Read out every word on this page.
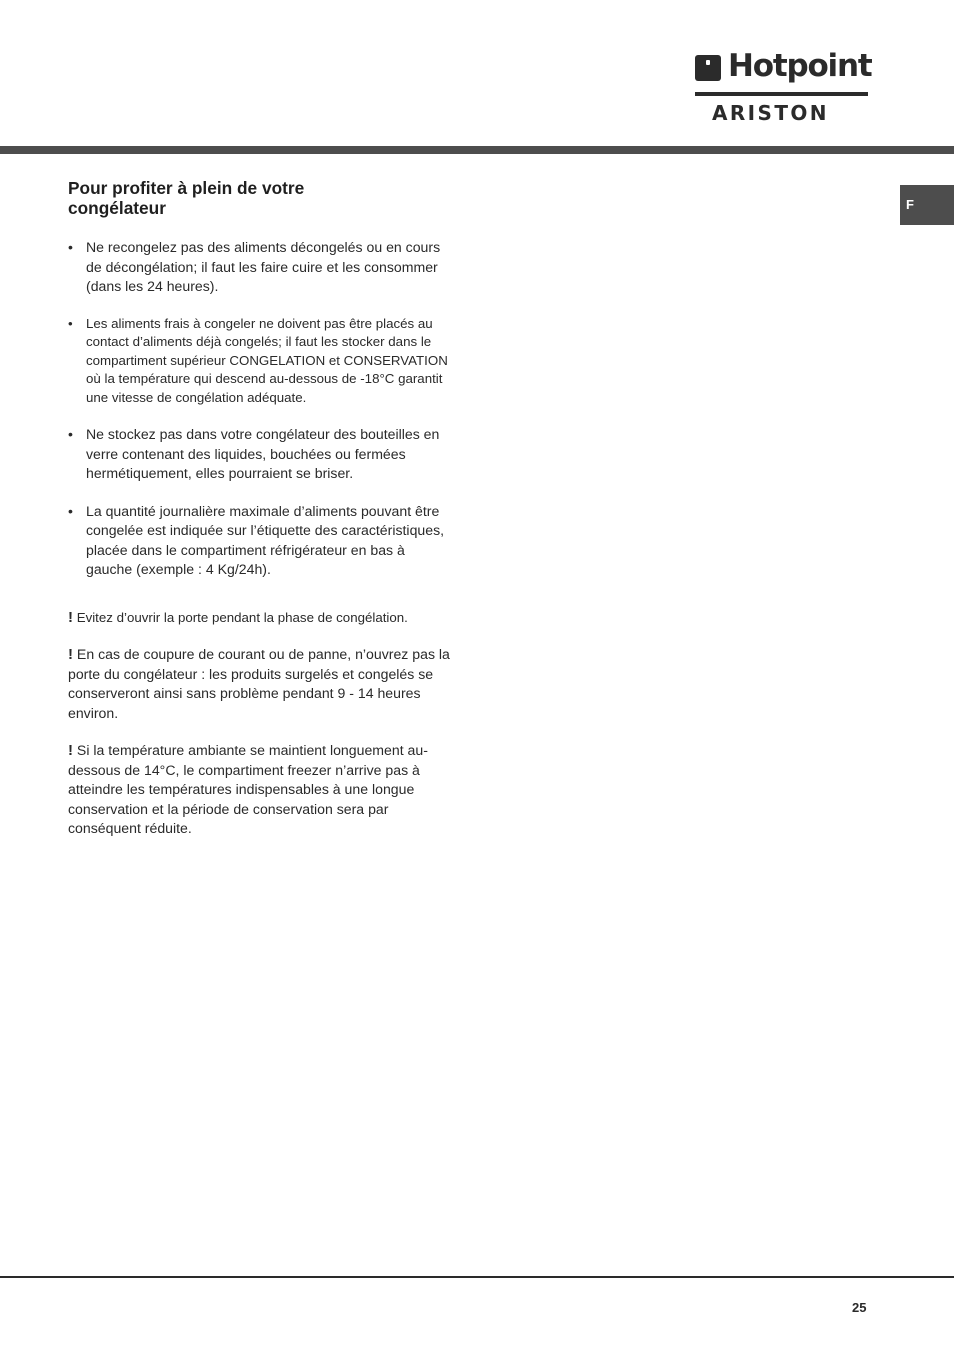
Hotpoint
ARISTON
F
Pour profiter à plein de votre
congélateur
• Ne recongelez pas des aliments décongelés ou en cours de décongélation; il faut les faire cuire et les consommer (dans les 24 heures).
• Les aliments frais à congeler ne doivent pas être placés au contact d’aliments déjà congelés; il faut les stocker dans le compartiment supérieur CONGELATION et CONSERVATION où la température qui descend au-dessous de -18°C garantit une vitesse de congélation adéquate.
• Ne stockez pas dans votre congélateur des bouteilles en verre contenant des liquides, bouchées ou fermées hermétiquement, elles pourraient se briser.
• La quantité journalière maximale d’aliments pouvant être congelée est indiquée sur l’étiquette des caractéristiques, placée dans le compartiment réfrigérateur en bas à gauche (exemple : 4 Kg/24h).

! Evitez d’ouvrir la porte pendant la phase de congélation.

! En cas de coupure de courant ou de panne, n’ouvrez pas la porte du congélateur : les produits surgelés et congelés se conserveront ainsi sans problème pendant 9 - 14 heures environ.

! Si la température ambiante se maintient longuement au-dessous de 14°C, le compartiment freezer n’arrive pas à atteindre les températures indispensables à une longue conservation et la période de conservation sera par conséquent réduite.

25
